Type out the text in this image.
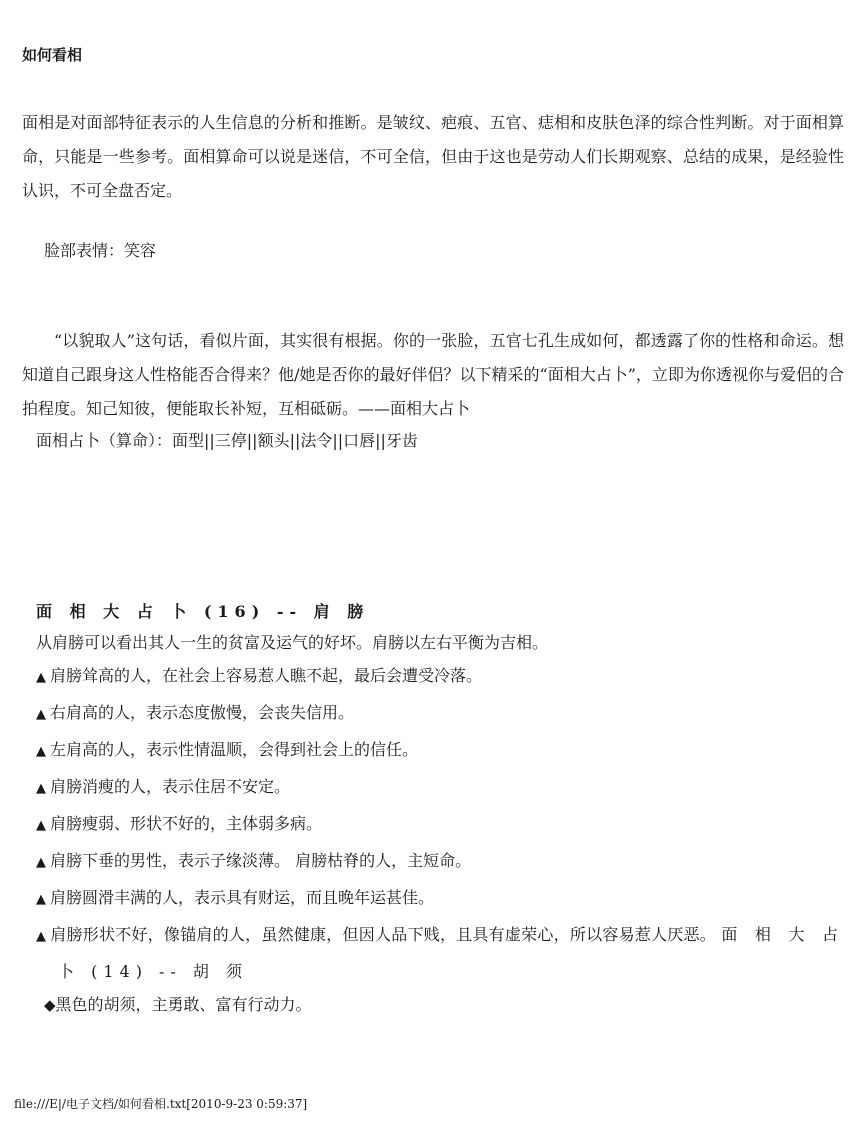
如何看相

面相是对面部特征表示的人生信息的分析和推断。是皱纹、疤痕、五官、痣相和皮肤色泽的综合性判断。对于面相算命，只能是一些参考。面相算命可以说是迷信，不可全信，但由于这也是劳动人们长期观察、总结的成果，是经验性认识，不可全盘否定。

脸部表情：笑容

“以貌取人”这句话，看似片面，其实很有根据。你的一张脸，五官七孔生成如何，都透露了你的性格和命运。想知道自己跟身这人性格能否合得来？他/她是否你的最好伴侣？以下精采的“面相大占卜”，立即为你透视你与爱侣的合拍程度。知己知彼，便能取长补短，互相砥砺。——面相大占卜

面相占卜（算命）：面型||三停||额头||法令||口唇||牙齿

面 相 大 占 卜 (16) -- 肩 膀

从肩膀可以看出其人一生的贫富及运气的好坏。肩膀以左右平衡为吉相。

▲ 肩膀耸高的人，在社会上容易惹人瞧不起，最后会遭受冷落。
▲ 右肩高的人，表示态度傲慢，会丧失信用。
▲ 左肩高的人，表示性情温顺，会得到社会上的信任。
▲ 肩膀消瘦的人，表示住居不安定。
▲ 肩膀瘦弱、形状不好的，主体弱多病。
▲ 肩膀下垂的男性，表示子缘淡薄。 肩膀枯脊的人，主短命。
▲ 肩膀圆滑丰满的人，表示具有财运，而且晚年运甚佳。
▲ 肩膀形状不好，像锚肩的人，虽然健康，但因人品下贱，且具有虚荣心，所以容易惹人厌恶。 面 相 大 占 卜 (14) -- 胡 须

◆黑色的胡须，主勇敢、富有行动力。

file:///E|/电子文档/如何看相.txt[2010-9-23 0:59:37]
